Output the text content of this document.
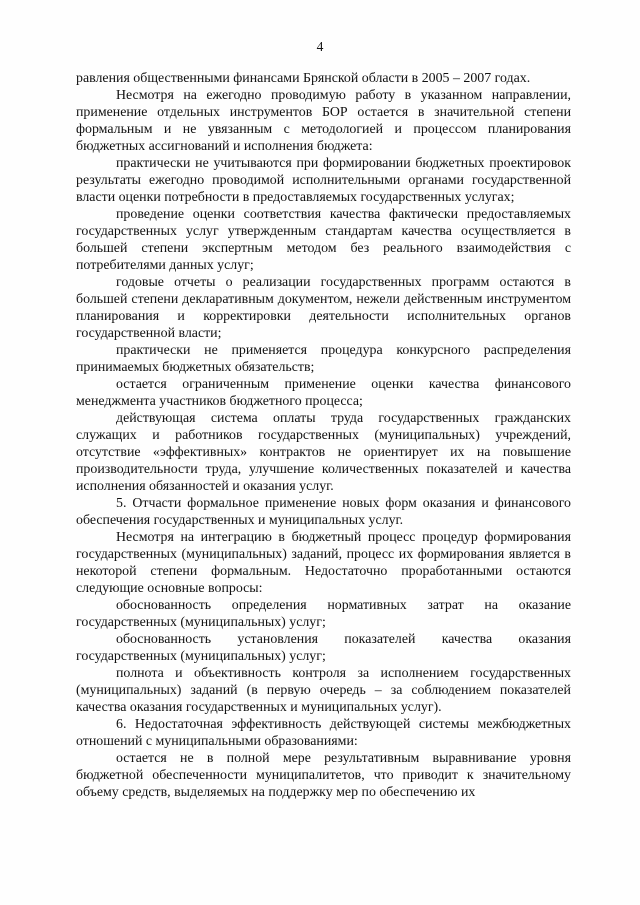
4

равления общественными финансами Брянской области в 2005 – 2007 годах.

Несмотря на ежегодно проводимую работу в указанном направлении, применение отдельных инструментов БОР остается в значительной степени формальным и не увязанным с методологией и процессом планирования бюджетных ассигнований и исполнения бюджета:

практически не учитываются при формировании бюджетных проектировок результаты ежегодно проводимой исполнительными органами государственной власти оценки потребности в предоставляемых государственных услугах;

проведение оценки соответствия качества фактически предоставляемых государственных услуг утвержденным стандартам качества осуществляется в большей степени экспертным методом без реального взаимодействия с потребителями данных услуг;

годовые отчеты о реализации государственных программ остаются в большей степени декларативным документом, нежели действенным инструментом планирования и корректировки деятельности исполнительных органов государственной власти;

практически не применяется процедура конкурсного распределения принимаемых бюджетных обязательств;

остается ограниченным применение оценки качества финансового менеджмента участников бюджетного процесса;

действующая система оплаты труда государственных гражданских служащих и работников государственных (муниципальных) учреждений, отсутствие «эффективных» контрактов не ориентирует их на повышение производительности труда, улучшение количественных показателей и качества исполнения обязанностей и оказания услуг.

5. Отчасти формальное применение новых форм оказания и финансового обеспечения государственных и муниципальных услуг.

Несмотря на интеграцию в бюджетный процесс процедур формирования государственных (муниципальных) заданий, процесс их формирования является в некоторой степени формальным. Недостаточно проработанными остаются следующие основные вопросы:

обоснованность определения нормативных затрат на оказание государственных (муниципальных) услуг;

обоснованность установления показателей качества оказания государственных (муниципальных) услуг;

полнота и объективность контроля за исполнением государственных (муниципальных) заданий (в первую очередь – за соблюдением показателей качества оказания государственных и муниципальных услуг).

6. Недостаточная эффективность действующей системы межбюджетных отношений с муниципальными образованиями:

остается не в полной мере результативным выравнивание уровня бюджетной обеспеченности муниципалитетов, что приводит к значительному объему средств, выделяемых на поддержку мер по обеспечению их
